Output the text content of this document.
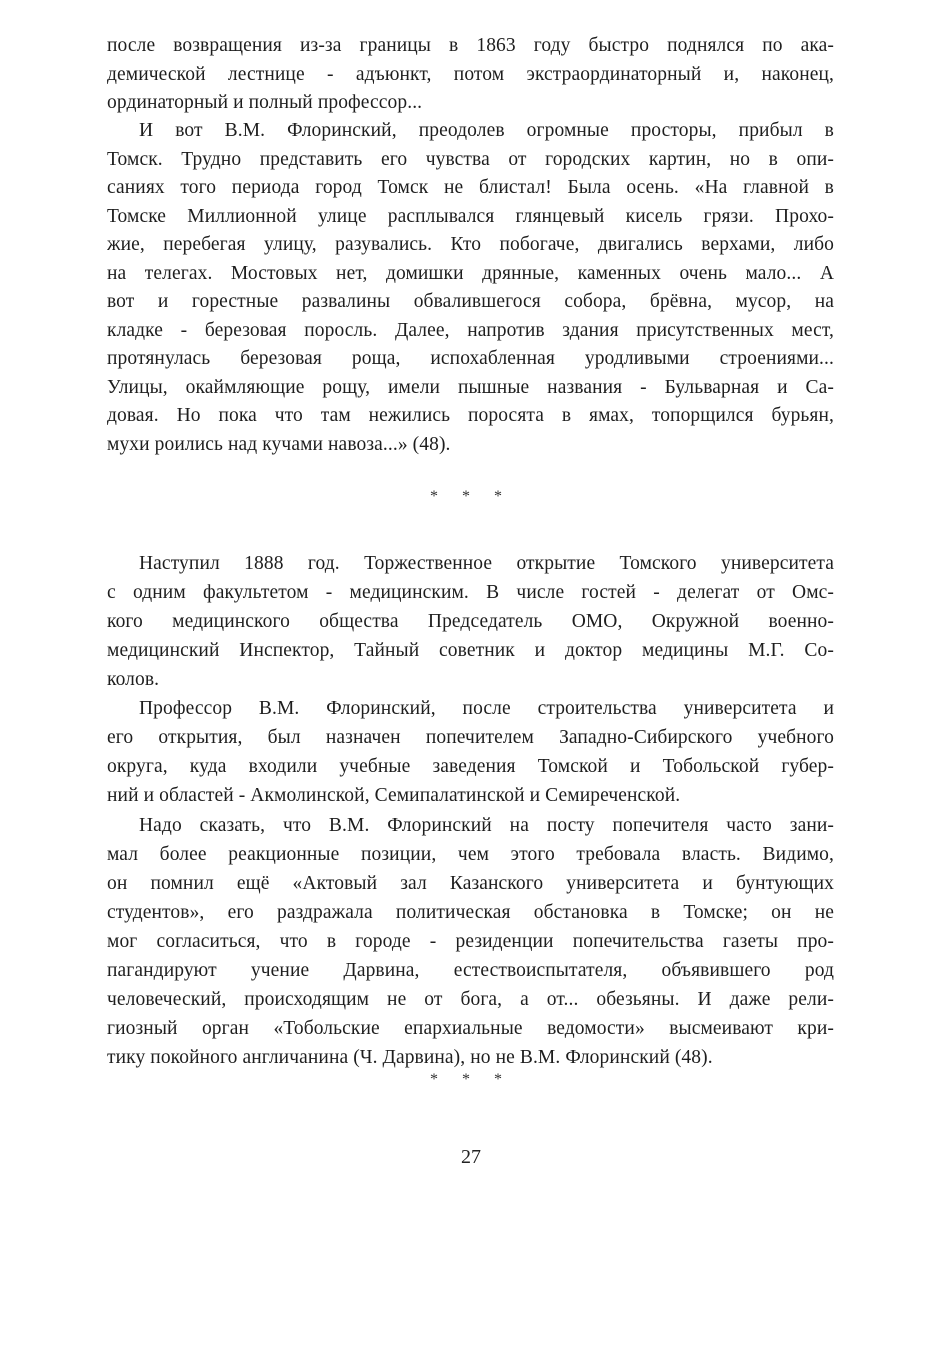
после возвращения из-за границы в 1863 году быстро поднялся по ака-
демической лестнице - адъюнкт, потом экстраординаторный и, наконец,
ординаторный и полный профессор...
И вот В.М. Флоринский, преодолев огромные просторы, прибыл в
Томск. Трудно представить его чувства от городских картин, но в опи-
саниях того периода город Томск не блистал! Была осень. «На главной в
Томске Миллионной улице расплывался глянцевый кисель грязи. Прохо-
жие, перебегая улицу, разувались. Кто побогаче, двигались верхами, либо
на телегах. Мостовых нет, домишки дрянные, каменных очень мало... А
вот и горестные развалины обвалившегося собора, брёвна, мусор, на
кладке - березовая поросль. Далее, напротив здания присутственных мест,
протянулась березовая роща, испохабленная уродливыми строениями...
Улицы, окаймляющие рощу, имели пышные названия - Бульварная и Са-
довая. Но пока что там нежились поросята в ямах, топорщился бурьян,
мухи роились над кучами навоза...» (48).
* * *
Наступил 1888 год. Торжественное открытие Томского университета
с одним факультетом - медицинским. В числе гостей - делегат от Омс-
кого медицинского общества Председатель ОМО, Окружной военно-
медицинский Инспектор, Тайный советник и доктор медицины М.Г. Со-
колов.
Профессор В.М. Флоринский, после строительства университета и
его открытия, был назначен попечителем Западно-Сибирского учебного
округа, куда входили учебные заведения Томской и Тобольской губер-
ний и областей - Акмолинской, Семипалатинской и Семиреченской.
Надо сказать, что В.М. Флоринский на посту попечителя часто зани-
мал более реакционные позиции, чем этого требовала власть. Видимо,
он помнил ещё «Актовый зал Казанского университета и бунтующих
студентов», его раздражала политическая обстановка в Томске; он не
мог согласиться, что в городе - резиденции попечительства газеты про-
пагандируют учение Дарвина, естествоиспытателя, объявившего род
человеческий, происходящим не от бога, а от... обезьяны. И даже рели-
гиозный орган «Тобольские епархиальные ведомости» высмеивают кри-
тику покойного англичанина (Ч. Дарвина), но не В.М. Флоринский (48).
* * *
27
